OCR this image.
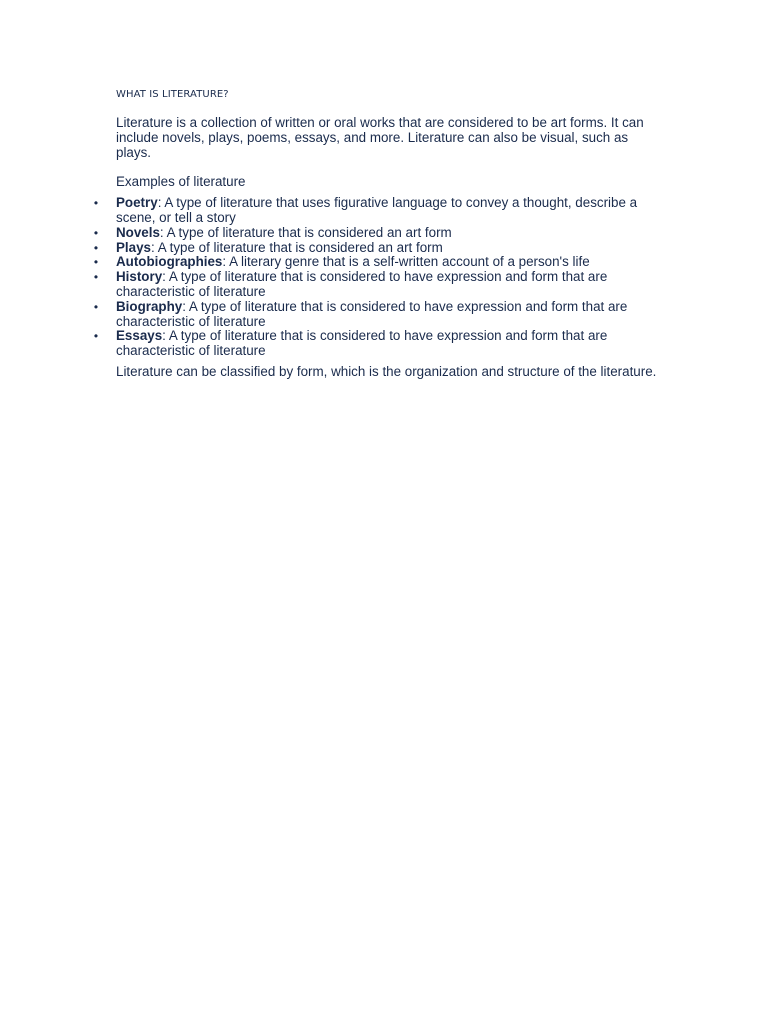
WHAT IS LITERATURE?

Literature is a collection of written or oral works that are considered to be art forms. It can include novels, plays, poems, essays, and more. Literature can also be visual, such as plays.

Examples of literature

• Poetry: A type of literature that uses figurative language to convey a thought, describe a scene, or tell a story
• Novels: A type of literature that is considered an art form
• Plays: A type of literature that is considered an art form
• Autobiographies: A literary genre that is a self-written account of a person's life
• History: A type of literature that is considered to have expression and form that are characteristic of literature
• Biography: A type of literature that is considered to have expression and form that are characteristic of literature
• Essays: A type of literature that is considered to have expression and form that are characteristic of literature

Literature can be classified by form, which is the organization and structure of the literature.
